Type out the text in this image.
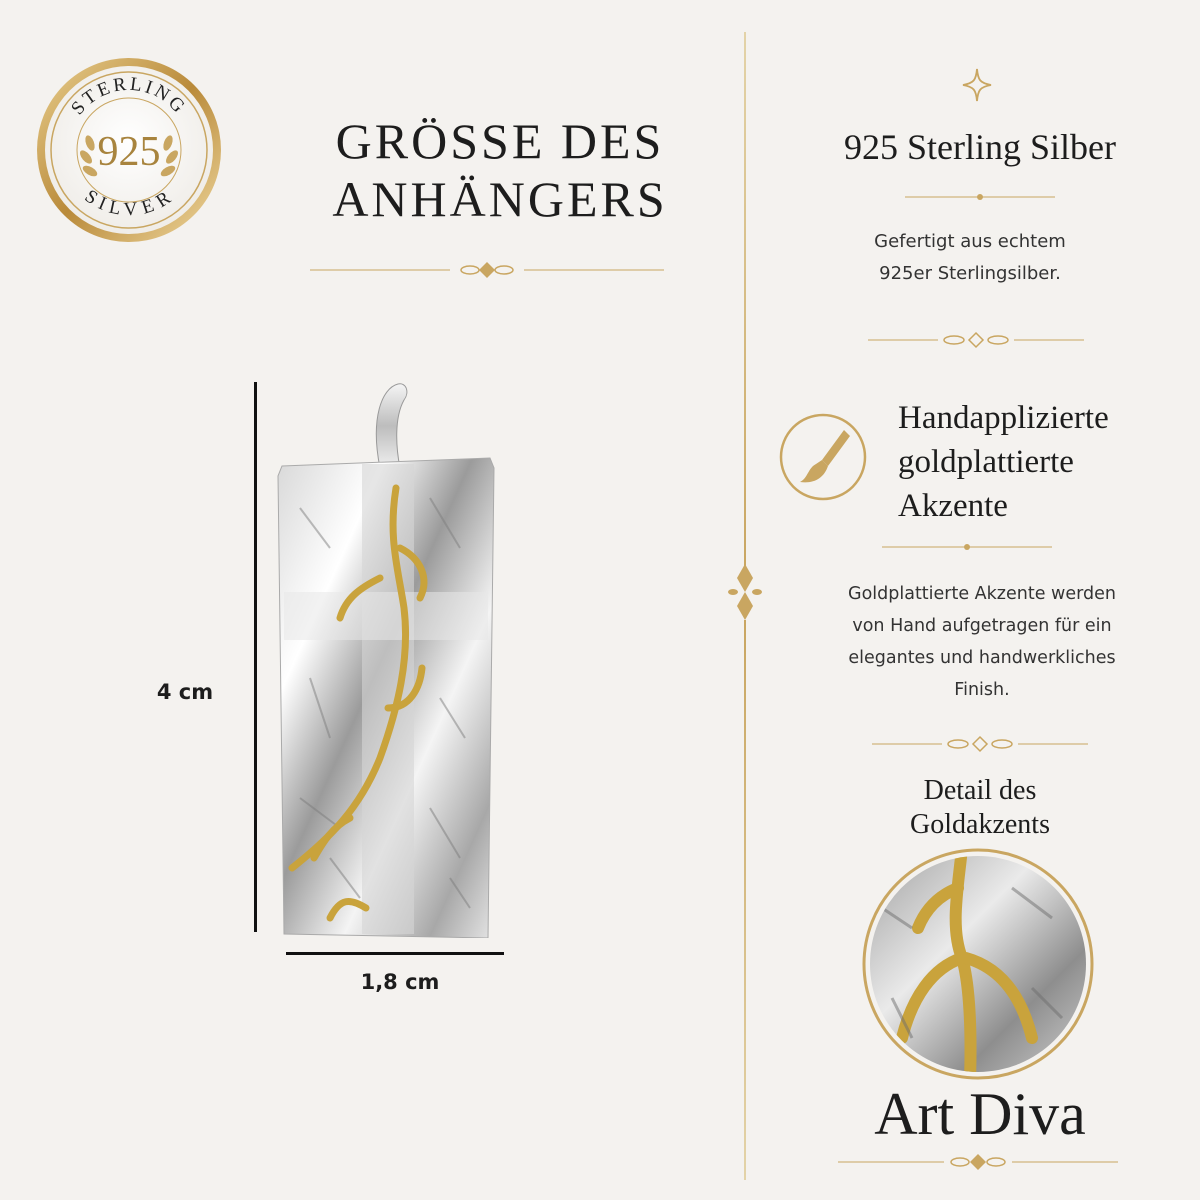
STERLING
SILVER
925	GRÖSSE DES
ANHÄNGERS
4 cm
1,8 cm
925 Sterling Silber
Gefertigt aus echtem
925er Sterlingsilber.
Handapplizierte
goldplattierte
Akzente
Goldplattierte Akzente werden
von Hand aufgetragen für ein
elegantes und handwerkliches
Finish.
Detail des
Goldakzents
Art Diva
